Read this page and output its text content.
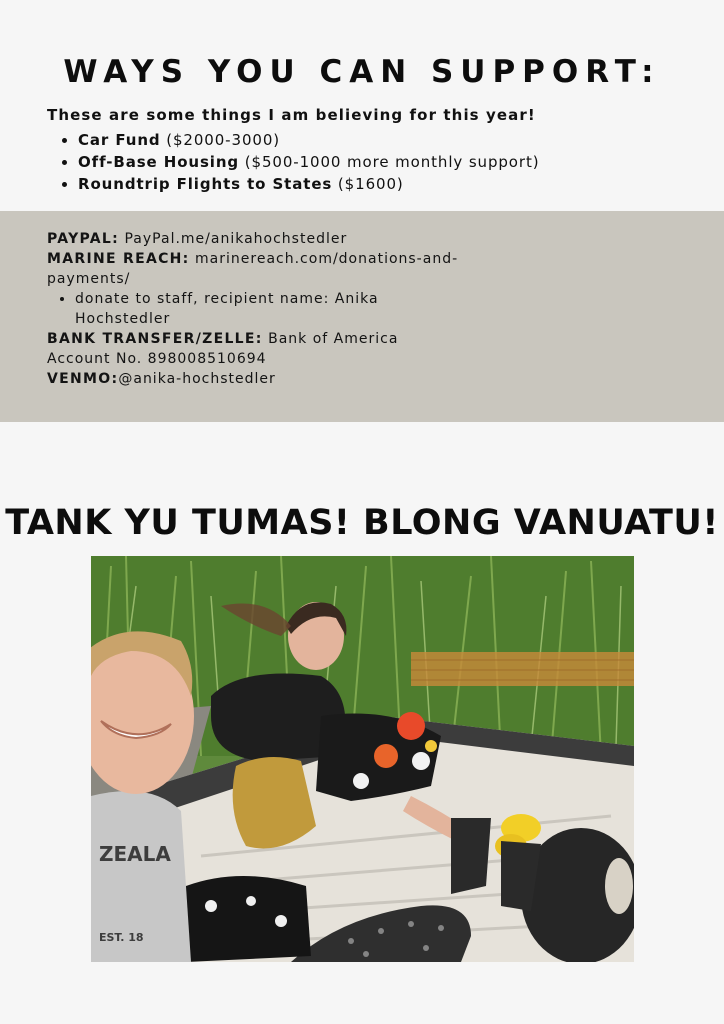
WAYS YOU CAN SUPPORT:

These are some things I am believing for this year!

• Car Fund ($2000-3000)
• Off-Base Housing ($500-1000 more monthly support)
• Roundtrip Flights to States ($1600)

PAYPAL: PayPal.me/anikahochstedler

MARINE REACH: marinereach.com/donations-and-payments/

• donate to staff, recipient name: Anika Hochstedler

BANK TRANSFER/ZELLE: Bank of America Account No. 898008510694

VENMO:@anika-hochstedler

TANK YU TUMAS! BLONG VANUATU!
ZEALA
EST. 18
